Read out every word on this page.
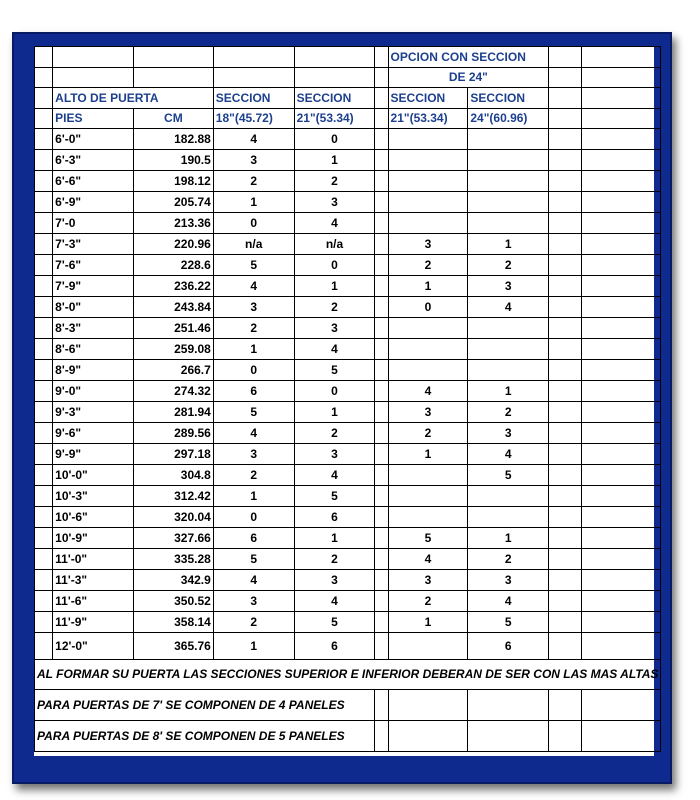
						OPCION CON SECCION			
						DE 24"			
	ALTO DE PUERTA		SECCION	SECCION		SECCION	SECCION		
	PIES	CM	18"(45.72)	21"(53.34)		21"(53.34)	24"(60.96)		
	6'-0"	182.88	4	0					
	6'-3"	190.5	3	1					
	6'-6"	198.12	2	2					
	6'-9"	205.74	1	3					
	7'-0	213.36	0	4					
	7'-3"	220.96	n/a	n/a		3	1		
	7'-6"	228.6	5	0		2	2		
	7'-9"	236.22	4	1		1	3		
	8'-0"	243.84	3	2		0	4		
	8'-3"	251.46	2	3					
	8'-6"	259.08	1	4					
	8'-9"	266.7	0	5					
	9'-0"	274.32	6	0		4	1		
	9'-3"	281.94	5	1		3	2		
	9'-6"	289.56	4	2		2	3		
	9'-9"	297.18	3	3		1	4		
	10'-0"	304.8	2	4			5		
	10'-3"	312.42	1	5					
	10'-6"	320.04	0	6					
	10'-9"	327.66	6	1		5	1		
	11'-0"	335.28	5	2		4	2		
	11'-3"	342.9	4	3		3	3		
	11'-6"	350.52	3	4		2	4		
	11'-9"	358.14	2	5		1	5		
	12'-0"	365.76	1	6			6		
AL FORMAR SU PUERTA LAS SECCIONES SUPERIOR E INFERIOR DEBERAN DE SER CON LAS MAS ALTAS									
PARA PUERTAS DE 7' SE COMPONEN DE 4 PANELES									
PARA PUERTAS DE 8' SE COMPONEN DE 5 PANELES									
